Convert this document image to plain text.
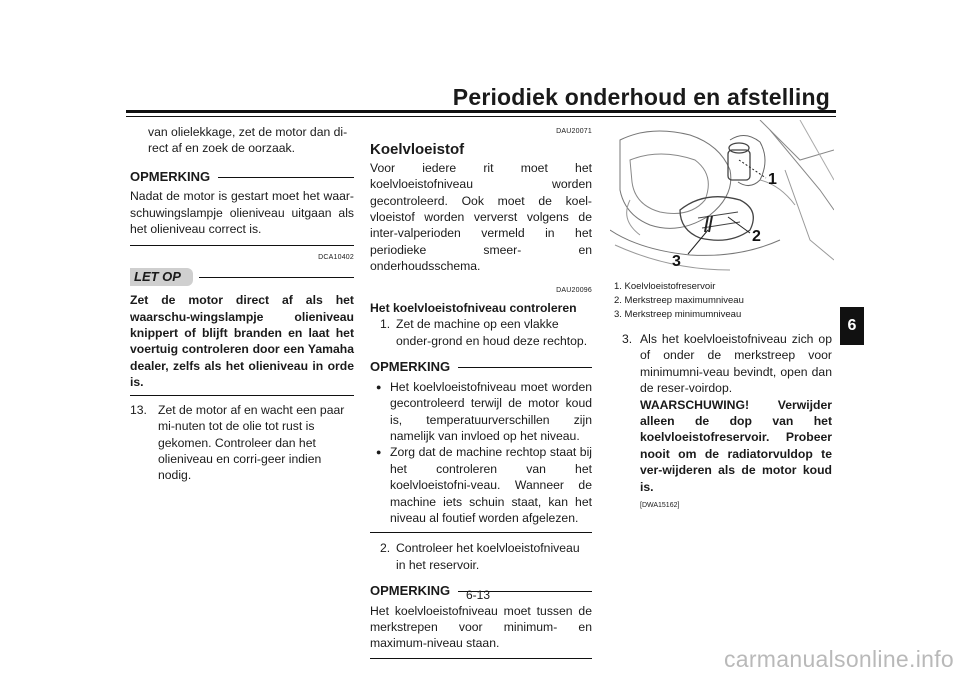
Periodiek onderhoud en afstelling
6

van olielekkage, zet de motor dan di-

rect af en zoek de oorzaak.

OPMERKING

Nadat de motor is gestart moet het waar-schuwingslampje olieniveau uitgaan als het olieniveau correct is.

DCA10402
LET OP

Zet de motor direct af als het waarschu-wingslampje olieniveau knippert of blijft branden en laat het voertuig controleren door een Yamaha dealer, zelfs als het olieniveau in orde is.

13. Zet de motor af en wacht een paar mi-nuten tot de olie tot rust is gekomen. Controleer dan het olieniveau en corri-geer indien nodig.
DAU20071
Koelvloeistof

Voor iedere rit moet het koelvloeistofniveau worden gecontroleerd. Ook moet de koel-vloeistof worden ververst volgens de inter-valperioden vermeld in het periodieke smeer- en onderhoudsschema.

DAU20096
Het koelvloeistofniveau controleren
1. Zet de machine op een vlakke onder-grond en houd deze rechtop.
OPMERKING
● Het koelvloeistofniveau moet worden gecontroleerd terwijl de motor koud is, temperatuurverschillen zijn namelijk van invloed op het niveau.
● Zorg dat de machine rechtop staat bij het controleren van het koelvloeistofni-veau. Wanneer de machine iets schuin staat, kan het niveau al foutief worden afgelezen.
2. Controleer het koelvloeistofniveau in het reservoir.
OPMERKING

Het koelvloeistofniveau moet tussen de merkstrepen voor minimum- en maximum-niveau staan.

1
2
3
1. Koelvloeistofreservoir
2. Merkstreep maximumniveau
3. Merkstreep minimumniveau
3. Als het koelvloeistofniveau zich op of onder de merkstreep voor minimumni-veau bevindt, open dan de reser-voirdop.
WAARSCHUWING! Verwijder alleen de dop van het koelvloeistofreservoir. Probeer nooit om de radiatorvuldop te ver-wijderen als de motor koud is.
[DWA15162]
6-13
carmanualsonline.info
